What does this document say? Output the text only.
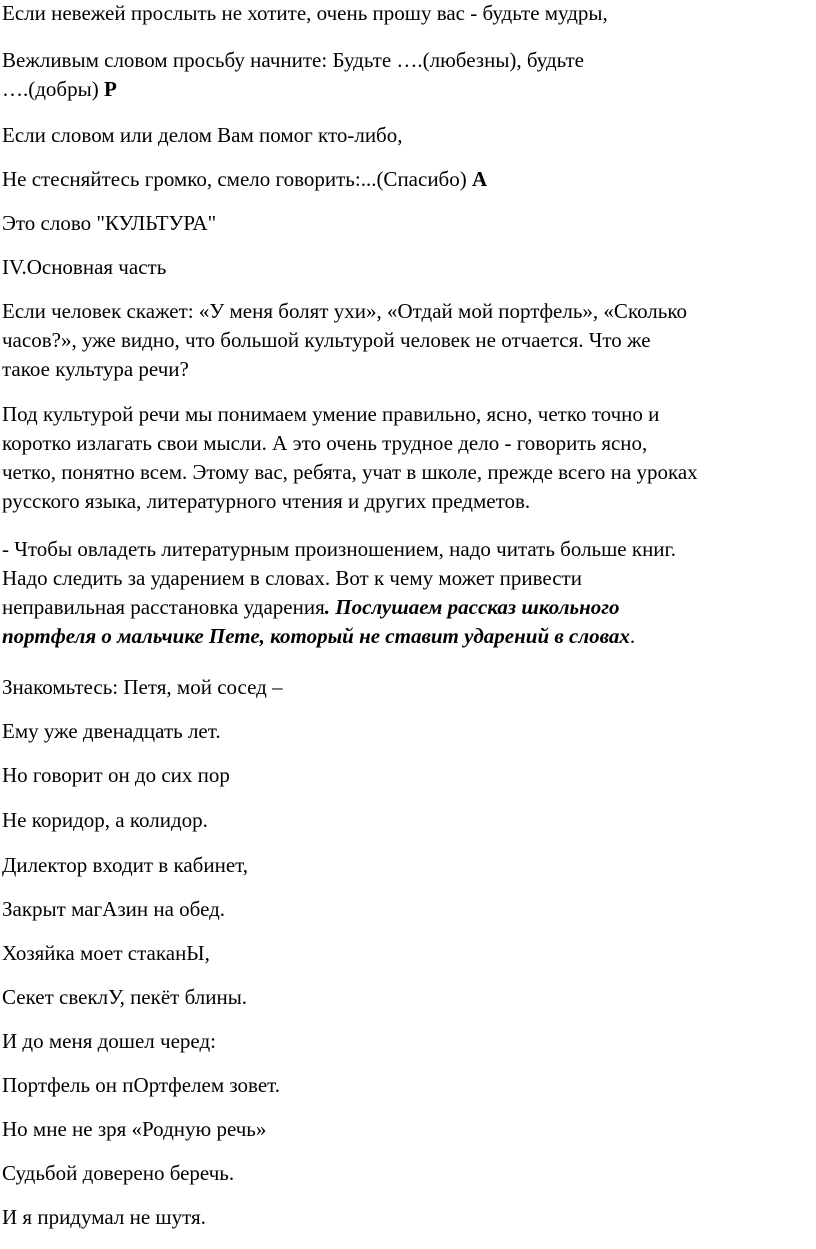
Если невежей прослыть не хотите, очень прошу вас - будьте мудры,

Вежливым словом просьбу начните: Будьте ….(любезны), будьте
….(добры) Р

Если словом или делом Вам помог кто-либо,

Не стесняйтесь громко, смело говорить:...(Спасибо) А

Это слово "КУЛЬТУРА"

IV.Основная часть

Если человек скажет: «У меня болят ухи», «Отдай мой портфель», «Сколько
часов?», уже видно, что большой культурой человек не отчается. Что же
такое культура речи?

Под культурой речи мы понимаем умение правильно, ясно, четко точно и
коротко излагать свои мысли. А это очень трудное дело - говорить ясно,
четко, понятно всем. Этому вас, ребята, учат в школе, прежде всего на уроках
русского языка, литературного чтения и других предметов.

- Чтобы овладеть литературным произношением, надо читать больше книг.
Надо следить за ударением в словах. Вот к чему может привести
неправильная расстановка ударения. Послушаем рассказ школьного
портфеля о мальчике Пете, который не ставит ударений в словах.

Знакомьтесь: Петя, мой сосед –

Ему уже двенадцать лет.

Но говорит он до сих пор

Не коридор, а колидор.

Дилектор входит в кабинет,

Закрыт магАзин на обед.

Хозяйка моет стаканЫ,

Секет свеклУ, пекёт блины.

И до меня дошел черед:

Портфель он пОртфелем зовет.

Но мне не зря «Родную речь»

Судьбой доверено беречь.

И я придумал не шутя.
